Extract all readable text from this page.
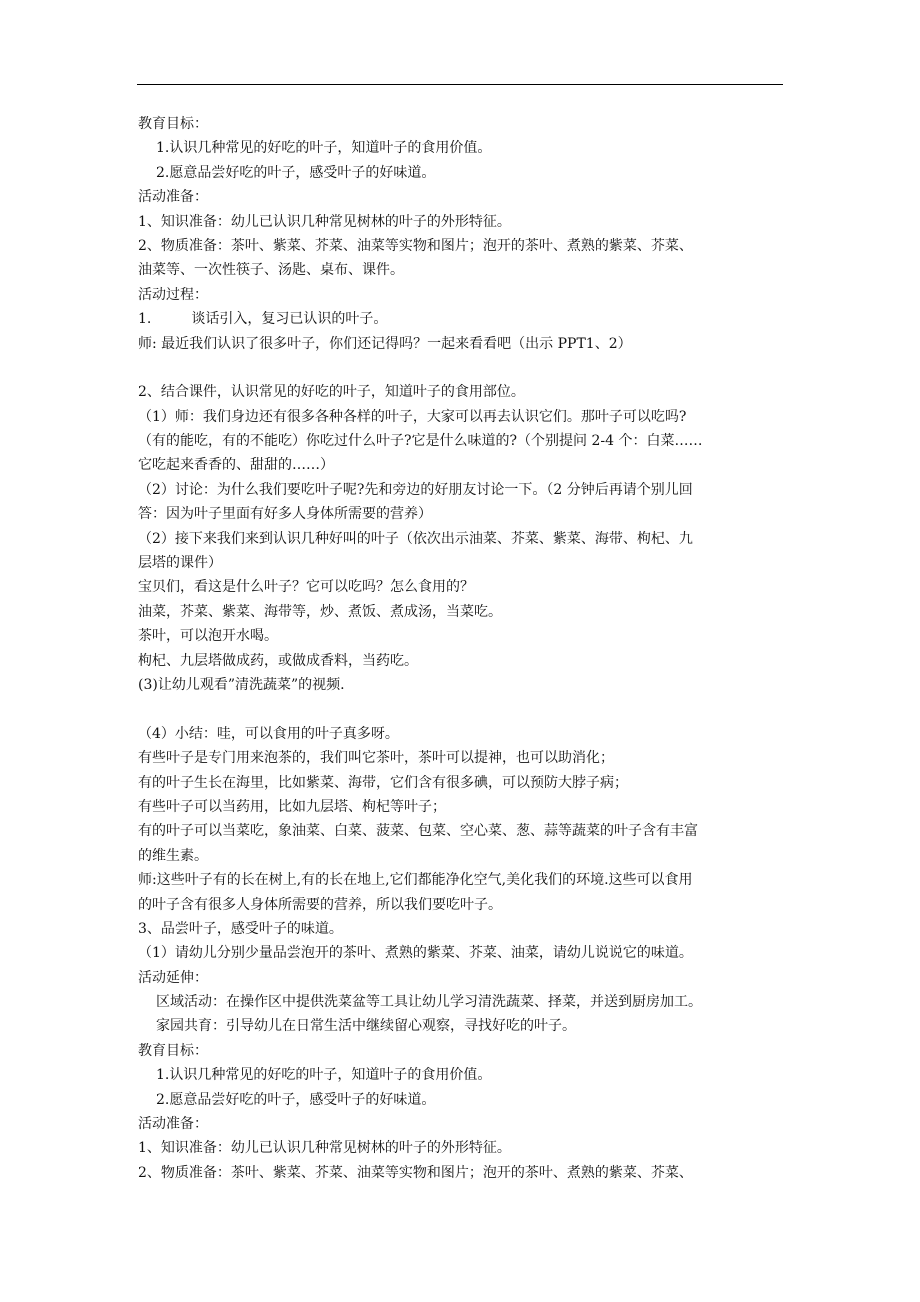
教育目标：
1.认识几种常见的好吃的叶子，知道叶子的食用价值。
2.愿意品尝好吃的叶子，感受叶子的好味道。
活动准备：
1、知识准备：幼儿已认识几种常见树林的叶子的外形特征。
2、物质准备：茶叶、紫菜、芥菜、油菜等实物和图片；泡开的茶叶、煮熟的紫菜、芥菜、
油菜等、一次性筷子、汤匙、桌布、课件。
活动过程：
1.	谈话引入，复习已认识的叶子。
师: 最近我们认识了很多叶子，你们还记得吗？一起来看看吧（出示 PPT1、2）
2、结合课件，认识常见的好吃的叶子，知道叶子的食用部位。
（1）师：我们身边还有很多各种各样的叶子，大家可以再去认识它们。那叶子可以吃吗?
（有的能吃，有的不能吃）你吃过什么叶子?它是什么味道的?（个别提问 2-4 个：白菜……
它吃起来香香的、甜甜的……）
（2）讨论：为什么我们要吃叶子呢?先和旁边的好朋友讨论一下。（2 分钟后再请个别儿回
答：因为叶子里面有好多人身体所需要的营养）
（2）接下来我们来到认识几种好叫的叶子（依次出示油菜、芥菜、紫菜、海带、枸杞、九
层塔的课件）
宝贝们，看这是什么叶子？它可以吃吗？怎么食用的？
油菜，芥菜、紫菜、海带等，炒、煮饭、煮成汤，当菜吃。
茶叶，可以泡开水喝。
枸杞、九层塔做成药，或做成香料，当药吃。
(3)让幼儿观看”清洗蔬菜”的视频.
（4）小结：哇，可以食用的叶子真多呀。
有些叶子是专门用来泡茶的，我们叫它茶叶，茶叶可以提神，也可以助消化；
有的叶子生长在海里，比如紫菜、海带，它们含有很多碘，可以预防大脖子病；
有些叶子可以当药用，比如九层塔、枸杞等叶子；
有的叶子可以当菜吃，象油菜、白菜、菠菜、包菜、空心菜、葱、蒜等蔬菜的叶子含有丰富
的维生素。
师:这些叶子有的长在树上,有的长在地上,它们都能净化空气,美化我们的环境.这些可以食用
的叶子含有很多人身体所需要的营养，所以我们要吃叶子。
3、品尝叶子，感受叶子的味道。
（1）请幼儿分别少量品尝泡开的茶叶、煮熟的紫菜、芥菜、油菜，请幼儿说说它的味道。
活动延伸：
区域活动：在操作区中提供洗菜盆等工具让幼儿学习清洗蔬菜、择菜，并送到厨房加工。
家园共育：引导幼儿在日常生活中继续留心观察，寻找好吃的叶子。
教育目标：
1.认识几种常见的好吃的叶子，知道叶子的食用价值。
2.愿意品尝好吃的叶子，感受叶子的好味道。
活动准备：
1、知识准备：幼儿已认识几种常见树林的叶子的外形特征。
2、物质准备：茶叶、紫菜、芥菜、油菜等实物和图片；泡开的茶叶、煮熟的紫菜、芥菜、
